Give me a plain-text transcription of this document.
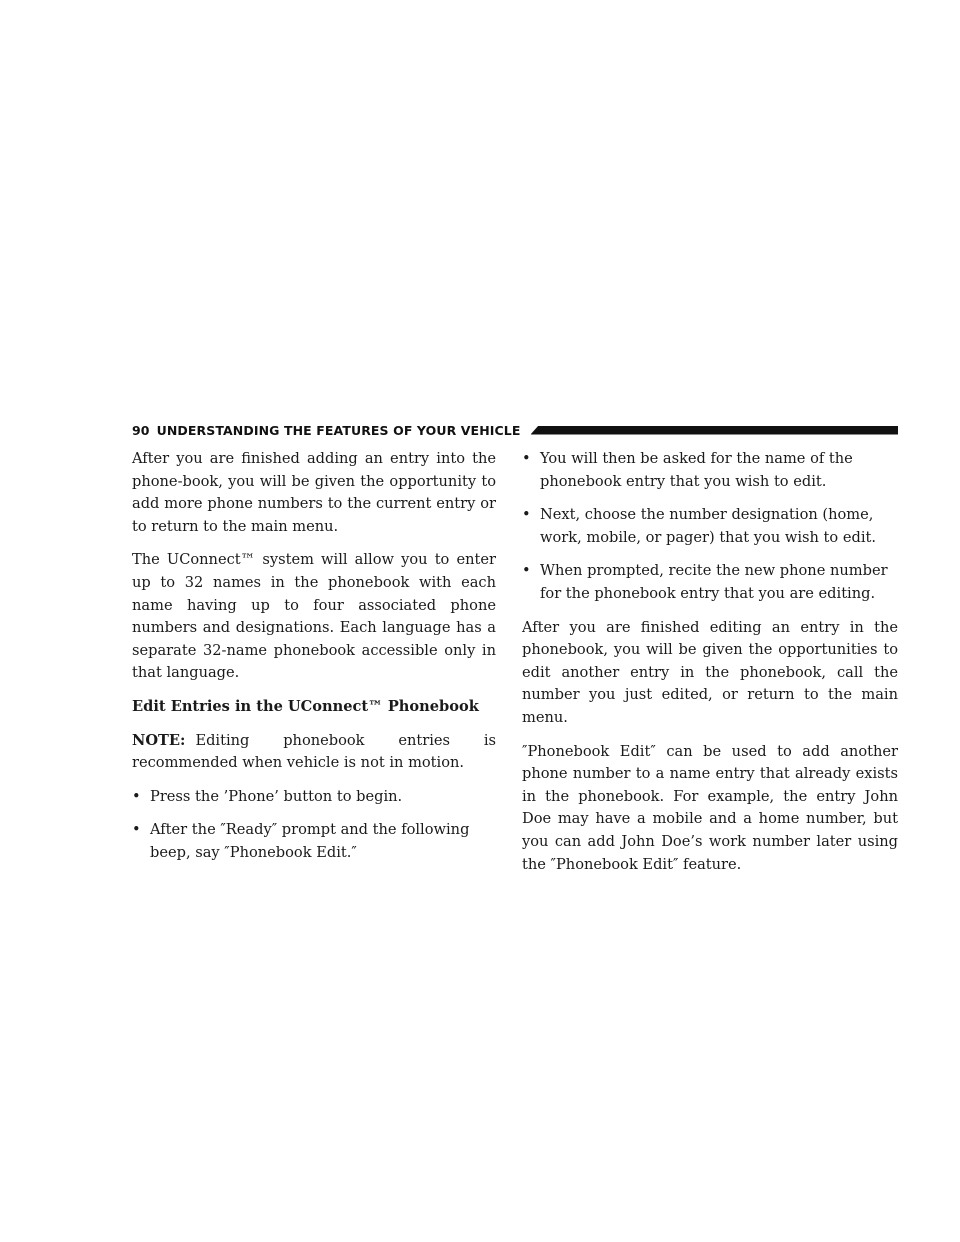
90 UNDERSTANDING THE FEATURES OF YOUR VEHICLE

After you are finished adding an entry into the phone-book, you will be given the opportunity to add more phone numbers to the current entry or to return to the main menu.

The UConnect™ system will allow you to enter up to 32 names in the phonebook with each name having up to four associated phone numbers and designations. Each language has a separate 32-name phonebook accessible only in that language.

Edit Entries in the UConnect™ Phonebook

NOTE: Editing phonebook entries is recommended when vehicle is not in motion.

• Press the ’Phone’ button to begin.
• After the ″Ready″ prompt and the following beep, say ″Phonebook Edit.″
• You will then be asked for the name of the phonebook entry that you wish to edit.
• Next, choose the number designation (home, work, mobile, or pager) that you wish to edit.
• When prompted, recite the new phone number for the phonebook entry that you are editing.

After you are finished editing an entry in the phonebook, you will be given the opportunities to edit another entry in the phonebook, call the number you just edited, or return to the main menu.

″Phonebook Edit″ can be used to add another phone number to a name entry that already exists in the phonebook. For example, the entry John Doe may have a mobile and a home number, but you can add John Doe’s work number later using the ″Phonebook Edit″ feature.
